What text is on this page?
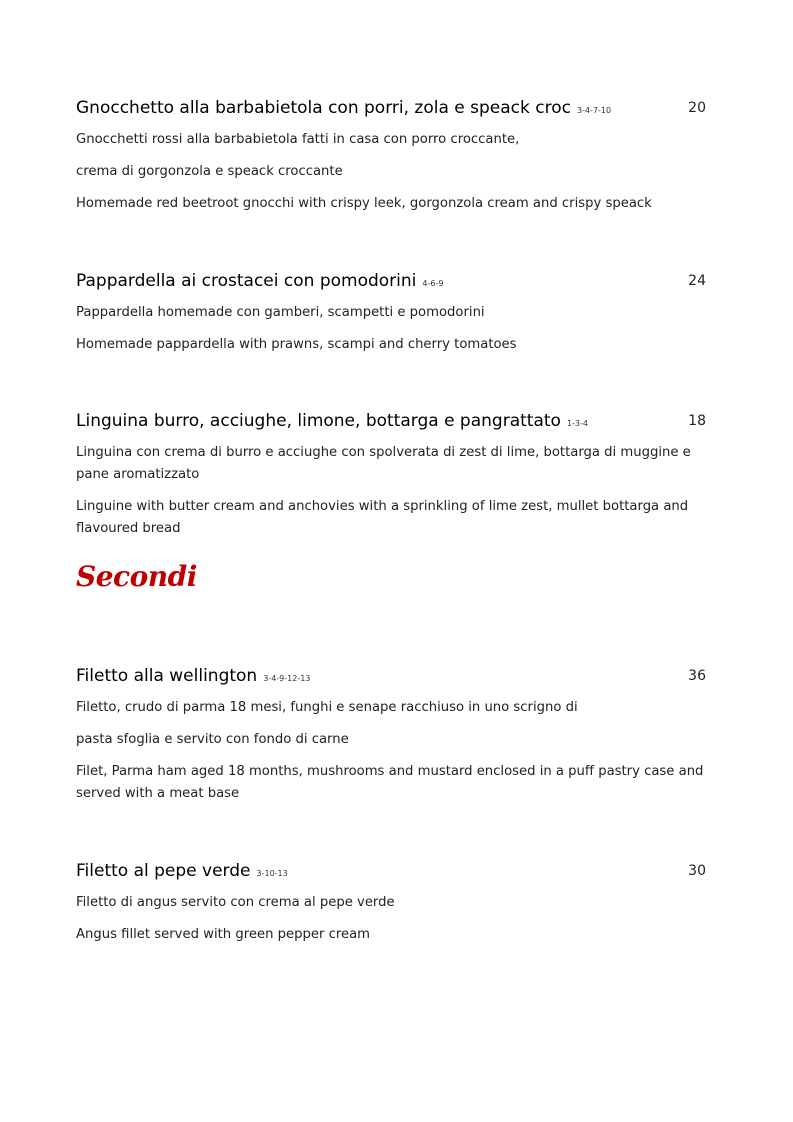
Gnocchetto alla barbabietola con porri, zola e speack croc 3-4-7-10	20

Gnocchetti rossi alla barbabietola fatti in casa con porro croccante,

crema di gorgonzola e speack croccante

Homemade red beetroot gnocchi with crispy leek, gorgonzola cream and crispy speack

Pappardella ai crostacei con pomodorini 4-6-9	24

Pappardella homemade con gamberi, scampetti e pomodorini

Homemade pappardella with prawns, scampi and cherry tomatoes

Linguina burro, acciughe, limone, bottarga e pangrattato 1-3-4	18

Linguina con crema di burro e acciughe con spolverata di zest di lime, bottarga di muggine e pane aromatizzato

Linguine with butter cream and anchovies with a sprinkling of lime zest, mullet bottarga and flavoured bread

Filetto alla wellington 3-4-9-12-13	36

Filetto, crudo di parma 18 mesi, funghi e senape racchiuso in uno scrigno di

pasta sfoglia e servito con fondo di carne

Filet, Parma ham aged 18 months, mushrooms and mustard enclosed in a puff pastry case and served with a meat base

Filetto al pepe verde 3-10-13	30

Filetto di angus servito con crema al pepe verde

Angus fillet served with green pepper cream

Secondi
